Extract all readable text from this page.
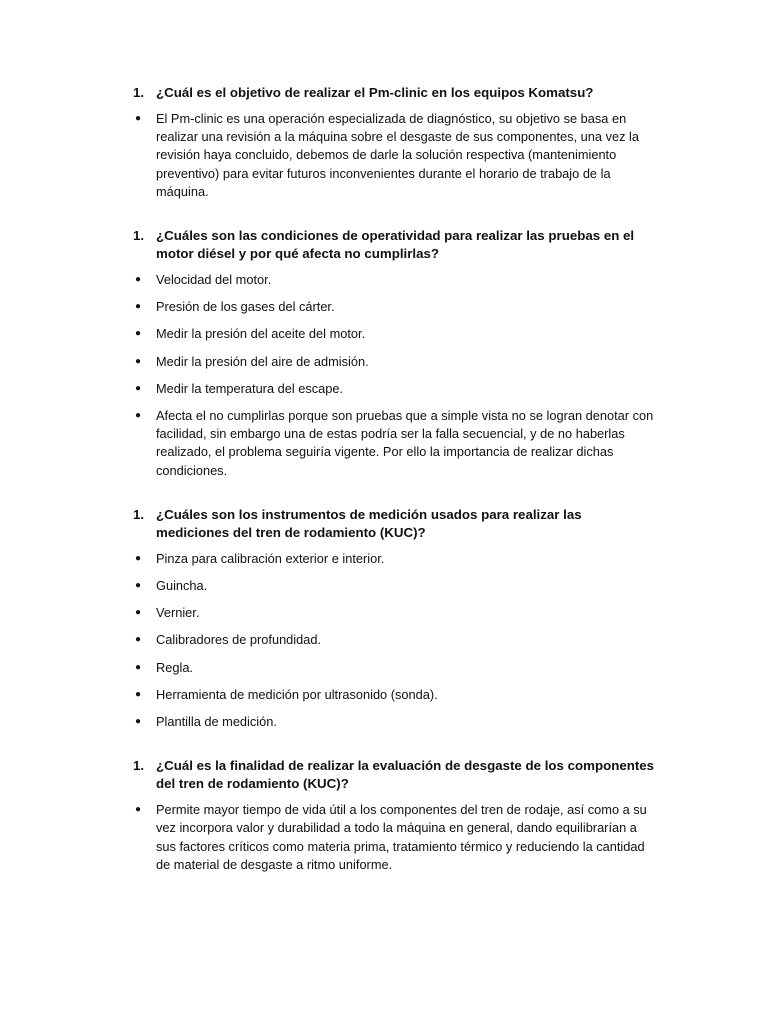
1. ¿Cuál es el objetivo de realizar el Pm-clinic en los equipos Komatsu?
● El Pm-clinic es una operación especializada de diagnóstico, su objetivo se basa en realizar una revisión a la máquina sobre el desgaste de sus componentes, una vez la revisión haya concluido, debemos de darle la solución respectiva (mantenimiento preventivo) para evitar futuros inconvenientes durante el horario de trabajo de la máquina.
1. ¿Cuáles son las condiciones de operatividad para realizar las pruebas en el motor diésel y por qué afecta no cumplirlas?
● Velocidad del motor.
● Presión de los gases del cárter.
● Medir la presión del aceite del motor.
● Medir la presión del aire de admisión.
● Medir la temperatura del escape.
● Afecta el no cumplirlas porque son pruebas que a simple vista no se logran denotar con facilidad, sin embargo una de estas podría ser la falla secuencial, y de no haberlas realizado, el problema seguiría vigente. Por ello la importancia de realizar dichas condiciones.
1. ¿Cuáles son los instrumentos de medición usados para realizar las mediciones del tren de rodamiento (KUC)?
● Pinza para calibración exterior e interior.
● Guincha.
● Vernier.
● Calibradores de profundidad.
● Regla.
● Herramienta de medición por ultrasonido (sonda).
● Plantilla de medición.
1. ¿Cuál es la finalidad de realizar la evaluación de desgaste de los componentes del tren de rodamiento (KUC)?
● Permite mayor tiempo de vida útil a los componentes del tren de rodaje, así como a su vez incorpora valor y durabilidad a todo la máquina en general, dando equilibrarían a sus factores críticos como materia prima, tratamiento térmico y reduciendo la cantidad de material de desgaste a ritmo uniforme.
